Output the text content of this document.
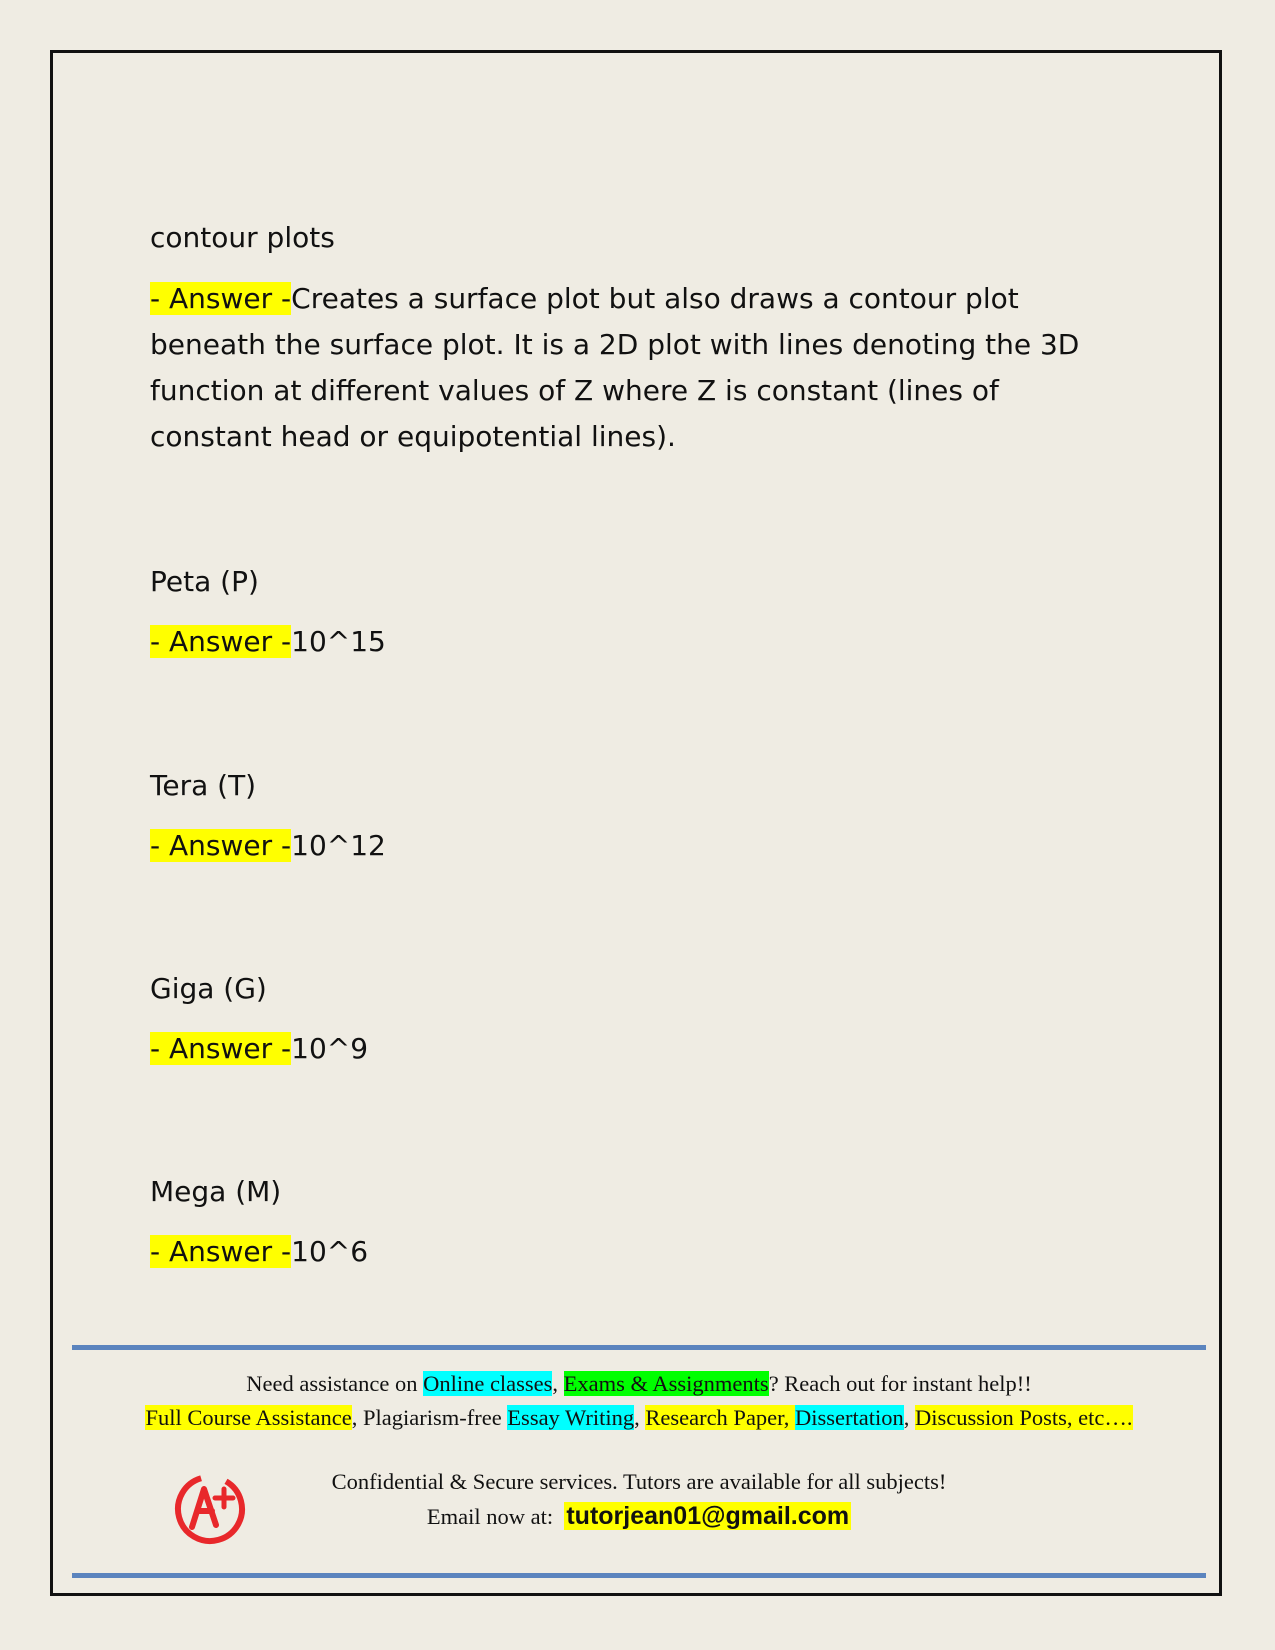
contour plots

- Answer -Creates a surface plot but also draws a contour plot beneath the surface plot. It is a 2D plot with lines denoting the 3D function at different values of Z where Z is constant (lines of constant head or equipotential lines).

Peta (P)

- Answer -10^15

Tera (T)

- Answer -10^12

Giga (G)

- Answer -10^9

Mega (M)

- Answer -10^6

Need assistance on Online classes, Exams & Assignments? Reach out for instant help!!
Full Course Assistance, Plagiarism-free Essay Writing, Research Paper, Dissertation, Discussion Posts, etc….
Confidential & Secure services. Tutors are available for all subjects!
Email now at:  tutorjean01@gmail.com
